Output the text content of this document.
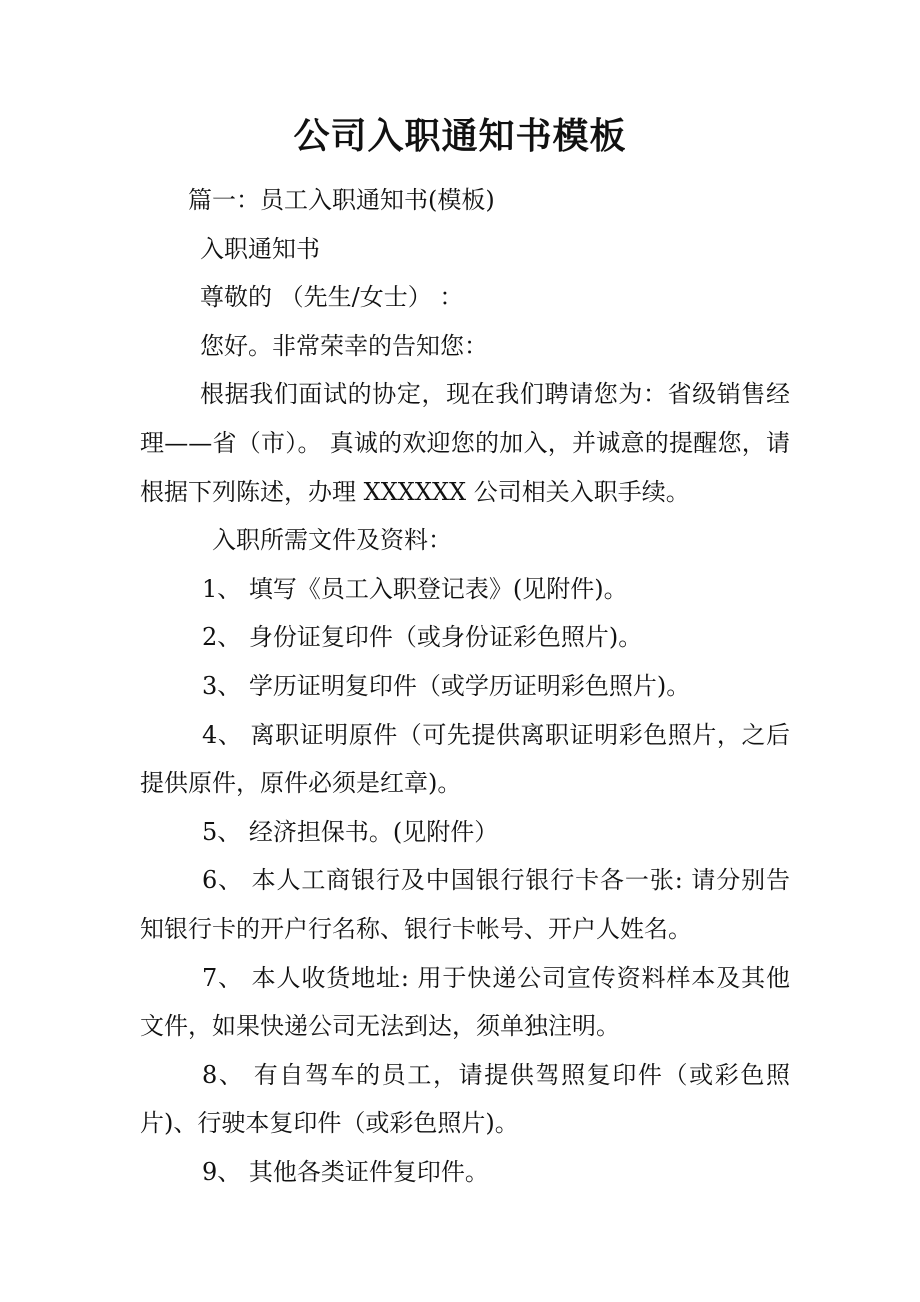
公司入职通知书模板

篇一：员工入职通知书(模板)

入职通知书

尊敬的 （先生/女士） ：

您好。非常荣幸的告知您：

根据我们面试的协定，现在我们聘请您为：省级销售经理——省（市）。 真诚的欢迎您的加入，并诚意的提醒您，请根据下列陈述，办理 XXXXXX 公司相关入职手续。

入职所需文件及资料：

1、 填写《员工入职登记表》(见附件)。

2、 身份证复印件（或身份证彩色照片)。

3、 学历证明复印件（或学历证明彩色照片)。

4、 离职证明原件（可先提供离职证明彩色照片，之后提供原件，原件必须是红章)。

5、 经济担保书。(见附件）

6、 本人工商银行及中国银行银行卡各一张: 请分别告知银行卡的开户行名称、银行卡帐号、开户人姓名。

7、 本人收货地址: 用于快递公司宣传资料样本及其他文件，如果快递公司无法到达，须单独注明。

8、 有自驾车的员工，请提供驾照复印件（或彩色照片)、行驶本复印件（或彩色照片)。

9、 其他各类证件复印件。
